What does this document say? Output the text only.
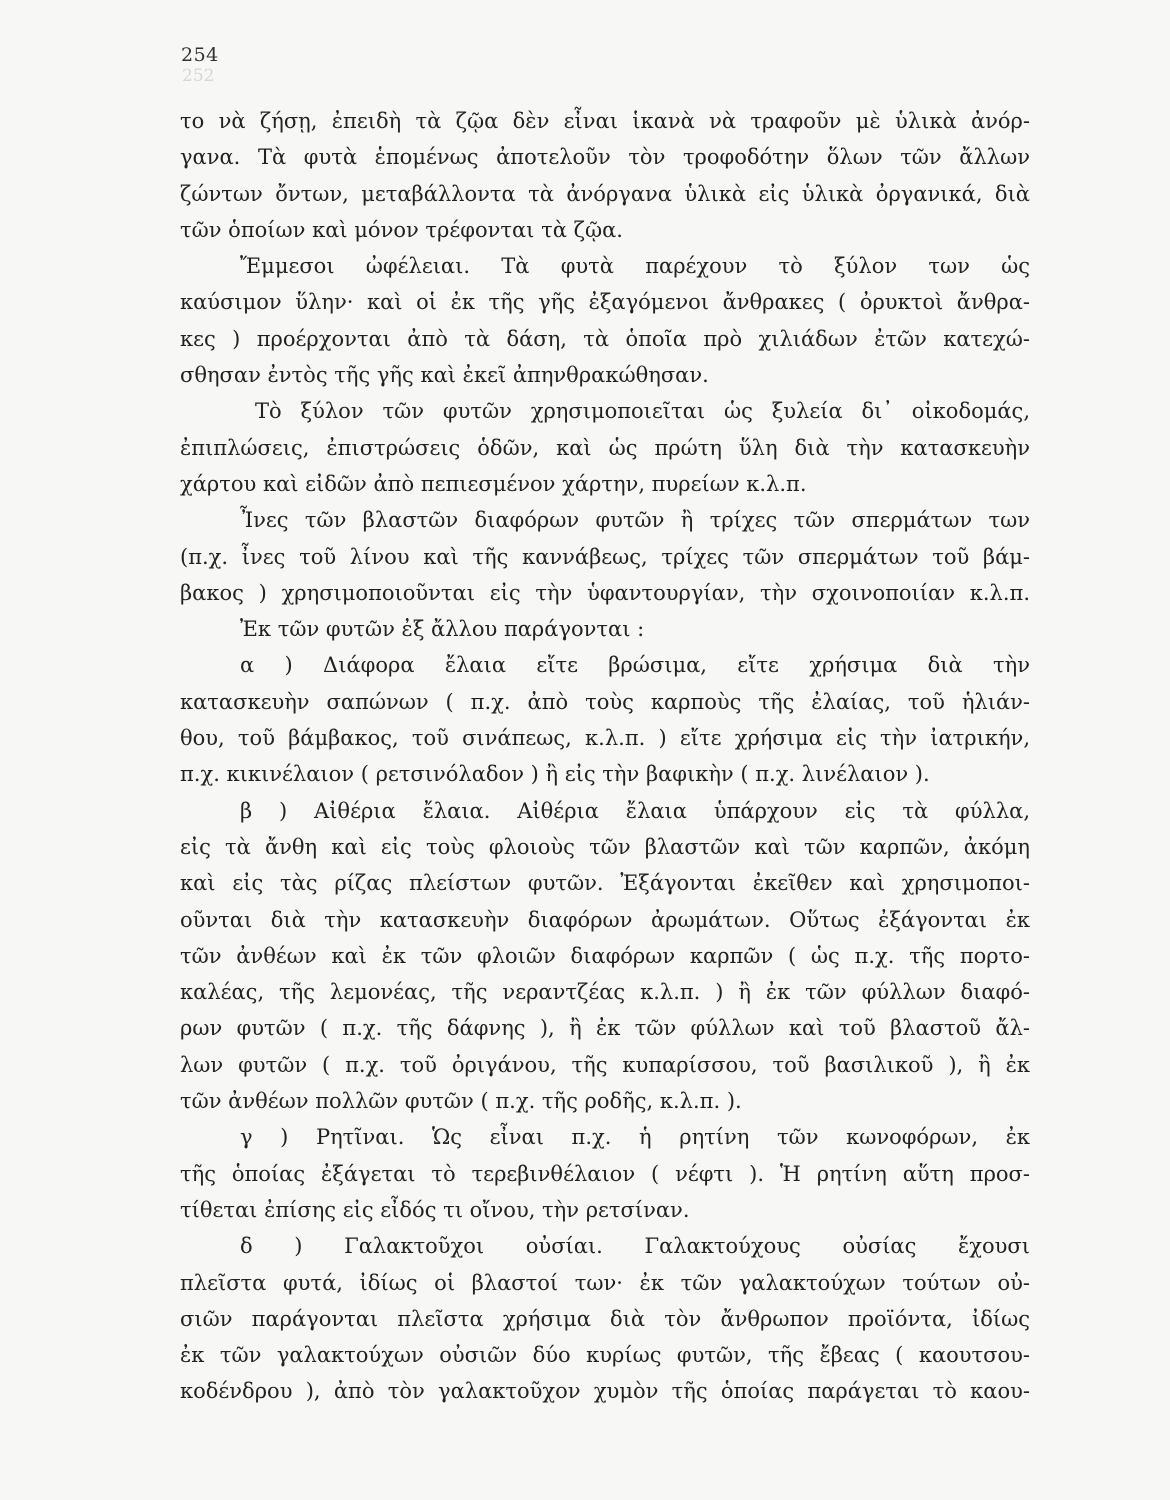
252
254
το νὰ ζήσῃ, ἐπειδὴ τὰ ζῷα δὲν εἶναι ἱκανὰ νὰ τραφοῦν μὲ ὑλικὰ ἀνόρ-
γανα. Τὰ φυτὰ ἑπομένως ἀποτελοῦν τὸν τροφοδότην ὅλων τῶν ἄλλων
ζώντων ὄντων, μεταβάλλοντα τὰ ἀνόργανα ὑλικὰ εἰς ὑλικὰ ὀργανικά, διὰ
τῶν ὁποίων καὶ μόνον τρέφονται τὰ ζῷα.
Ἔμμεσοι ὠφέλειαι. Τὰ φυτὰ παρέχουν τὸ ξύλον των ὡς
καύσιμον ὕλην· καὶ οἱ ἐκ τῆς γῆς ἐξαγόμενοι ἄνθρακες ( ὀρυκτοὶ ἄνθρα-
κες ) προέρχονται ἀπὸ τὰ δάση, τὰ ὁποῖα πρὸ χιλιάδων ἐτῶν κατεχώ-
σθησαν ἐντὸς τῆς γῆς καὶ ἐκεῖ ἀπηνθρακώθησαν.
Τὸ ξύλον τῶν φυτῶν χρησιμοποιεῖται ὡς ξυλεία δι᾿ οἰκοδομάς,
ἐπιπλώσεις, ἐπιστρώσεις ὁδῶν, καὶ ὡς πρώτη ὕλη διὰ τὴν κατασκευὴν
χάρτου καὶ εἰδῶν ἀπὸ πεπιεσμένον χάρτην, πυρείων κ.λ.π.
Ἶνες τῶν βλαστῶν διαφόρων φυτῶν ἢ τρίχες τῶν σπερμάτων των
(π.χ. ἶνες τοῦ λίνου καὶ τῆς καννάβεως, τρίχες τῶν σπερμάτων τοῦ βάμ-
βακος ) χρησιμοποιοῦνται εἰς τὴν ὑφαντουργίαν, τὴν σχοινοποιίαν κ.λ.π.
Ἐκ τῶν φυτῶν ἐξ ἄλλου παράγονται :
α ) Διάφορα ἔλαια εἴτε βρώσιμα, εἴτε χρήσιμα διὰ τὴν
κατασκευὴν σαπώνων ( π.χ. ἀπὸ τοὺς καρποὺς τῆς ἐλαίας, τοῦ ἡλιάν-
θου, τοῦ βάμβακος, τοῦ σινάπεως, κ.λ.π. ) εἴτε χρήσιμα εἰς τὴν ἰατρικήν,
π.χ. κικινέλαιον ( ρετσινόλαδον ) ἢ εἰς τὴν βαφικὴν ( π.χ. λινέλαιον ).
β ) Αἰθέρια ἔλαια. Αἰθέρια ἔλαια ὑπάρχουν εἰς τὰ φύλλα,
εἰς τὰ ἄνθη καὶ εἰς τοὺς φλοιοὺς τῶν βλαστῶν καὶ τῶν καρπῶν, ἀκόμη
καὶ εἰς τὰς ρίζας πλείστων φυτῶν. Ἐξάγονται ἐκεῖθεν καὶ χρησιμοποι-
οῦνται διὰ τὴν κατασκευὴν διαφόρων ἀρωμάτων. Οὕτως ἐξάγονται ἐκ
τῶν ἀνθέων καὶ ἐκ τῶν φλοιῶν διαφόρων καρπῶν ( ὡς π.χ. τῆς πορτο-
καλέας, τῆς λεμονέας, τῆς νεραντζέας κ.λ.π. ) ἢ ἐκ τῶν φύλλων διαφό-
ρων φυτῶν ( π.χ. τῆς δάφνης ), ἢ ἐκ τῶν φύλλων καὶ τοῦ βλαστοῦ ἄλ-
λων φυτῶν ( π.χ. τοῦ ὀριγάνου, τῆς κυπαρίσσου, τοῦ βασιλικοῦ ), ἢ ἐκ
τῶν ἀνθέων πολλῶν φυτῶν ( π.χ. τῆς ροδῆς, κ.λ.π. ).
γ ) Ρητῖναι. Ὡς εἶναι π.χ. ἡ ρητίνη τῶν κωνοφόρων, ἐκ
τῆς ὁποίας ἐξάγεται τὸ τερεβινθέλαιον ( νέφτι ). Ἡ ρητίνη αὕτη προσ-
τίθεται ἐπίσης εἰς εἶδός τι οἴνου, τὴν ρετσίναν.
δ ) Γαλακτοῦχοι οὐσίαι. Γαλακτούχους οὐσίας ἔχουσι
πλεῖστα φυτά, ἰδίως οἱ βλαστοί των· ἐκ τῶν γαλακτούχων τούτων οὐ-
σιῶν παράγονται πλεῖστα χρήσιμα διὰ τὸν ἄνθρωπον προϊόντα, ἰδίως
ἐκ τῶν γαλακτούχων οὐσιῶν δύο κυρίως φυτῶν, τῆς ἔβεας ( καουτσου-
κοδένδρου ), ἀπὸ τὸν γαλακτοῦχον χυμὸν τῆς ὁποίας παράγεται τὸ καου-
